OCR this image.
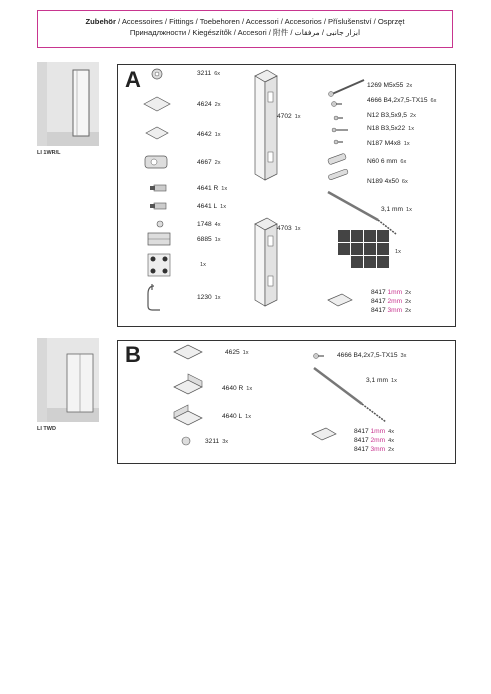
Zubehör / Accessoires / Fittings / Toebehoren / Accessori / Accesorios / Příslušenství / Osprzęt
Принадлжности / Kiegészítők / Accesori / 附件 / ابزار جانبی / مرفقات
LI 1WR/L
A	3211 6x
4624 2x
4642 1x
4667 2x
4641 R 1x
4641 L 1x
1748 4x
6885 1x
1x
1230 1x
4702 1x
4703 1x
1269 M5x55 2x
4666 B4,2x7,5-TX15 6x
N12 B3,5x9,5 2x
N18 B3,5x22 1x
N187 M4x8 1x
N60 6 mm 6x
N189 4x50 6x
3,1 mm 1x
1x
8417 1mm 2x
8417 2mm 2x
8417 3mm 2x
LI TWD
B	4625 1x
4640 R 1x
4640 L 1x
3211 3x
4666 B4,2x7,5-TX15 3x
3,1 mm 1x
8417 1mm 4x
8417 2mm 4x
8417 3mm 2x
